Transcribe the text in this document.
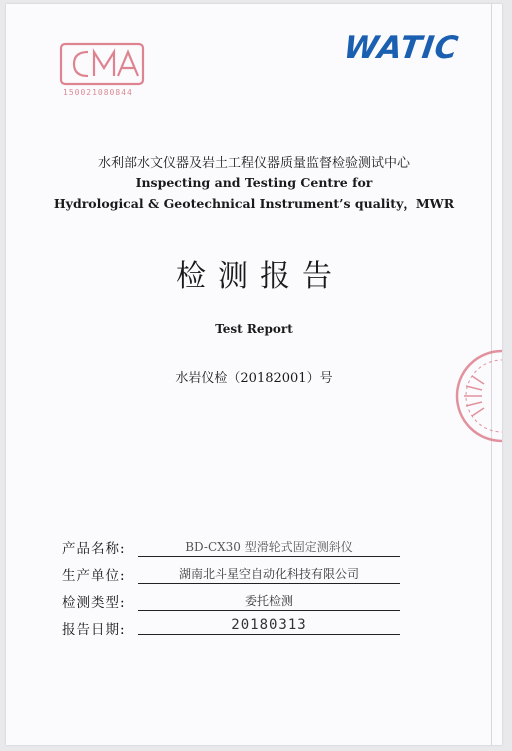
150021080844
WATIC
水利部水文仪器及岩土工程仪器质量监督检验测试中心
Inspecting and Testing Centre for
Hydrological & Geotechnical Instrument’s quality，MWR
检测报告
Test Report
水岩仪检（20182001）号
产品名称:	BD-CX30 型滑轮式固定测斜仪
生产单位:	湖南北斗星空自动化科技有限公司
检测类型:	委托检测
报告日期:	20180313
